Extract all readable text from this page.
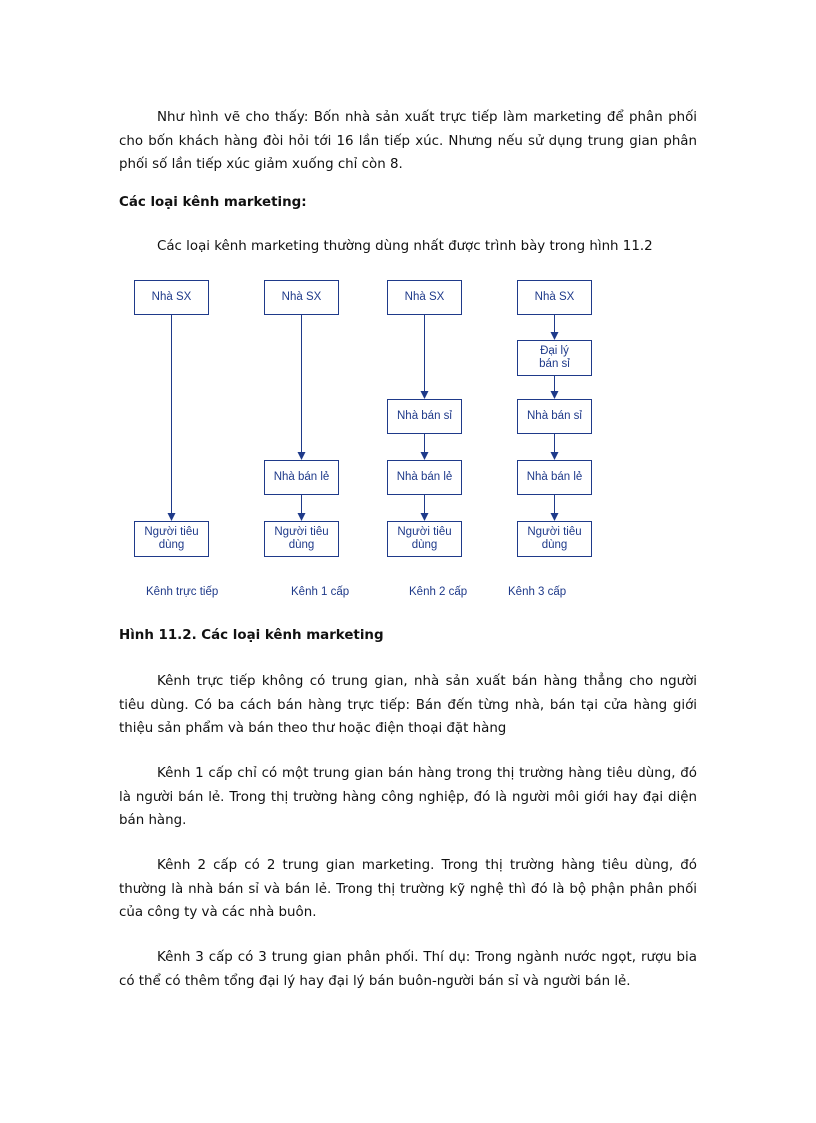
Như hình vẽ cho thấy: Bốn nhà sản xuất trực tiếp làm marketing để phân phối
cho bốn khách hàng đòi hỏi tới 16 lần tiếp xúc. Nhưng nếu sử dụng trung gian phân
phối số lần tiếp xúc giảm xuống chỉ còn 8.

Các loại kênh marketing:

Các loại kênh marketing thường dùng nhất được trình bày trong hình 11.2
Nhà SX
Người tiêu
dùng
Nhà SX
Nhà bán lẻ
Người tiêu
dùng
Nhà SX
Nhà bán sỉ
Nhà bán lẻ
Người tiêu
dùng
Nhà SX
Đại lý
bán sỉ
Nhà bán sỉ
Nhà bán lẻ
Người tiêu
dùng
Kênh trực tiếp	Kênh 1 cấp	Kênh 2 cấp	Kênh 3 cấp

Hình 11.2. Các loại kênh marketing

Kênh trực tiếp không có trung gian, nhà sản xuất bán hàng thẳng cho người
tiêu dùng. Có ba cách bán hàng trực tiếp: Bán đến từng nhà, bán tại cửa hàng giới
thiệu sản phẩm và bán theo thư hoặc điện thoại đặt hàng
Kênh 1 cấp chỉ có một trung gian bán hàng trong thị trường hàng tiêu dùng, đó
là người bán lẻ. Trong thị trường hàng công nghiệp, đó là người môi giới hay đại diện
bán hàng.
Kênh 2 cấp có 2 trung gian marketing. Trong thị trường hàng tiêu dùng, đó
thường là nhà bán sỉ và bán lẻ. Trong thị trường kỹ nghệ thì đó là bộ phận phân phối
của công ty và các nhà buôn.
Kênh 3 cấp có 3 trung gian phân phối. Thí dụ: Trong ngành nước ngọt, rượu bia
có thể có thêm tổng đại lý hay đại lý bán buôn-người bán sỉ và người bán lẻ.
